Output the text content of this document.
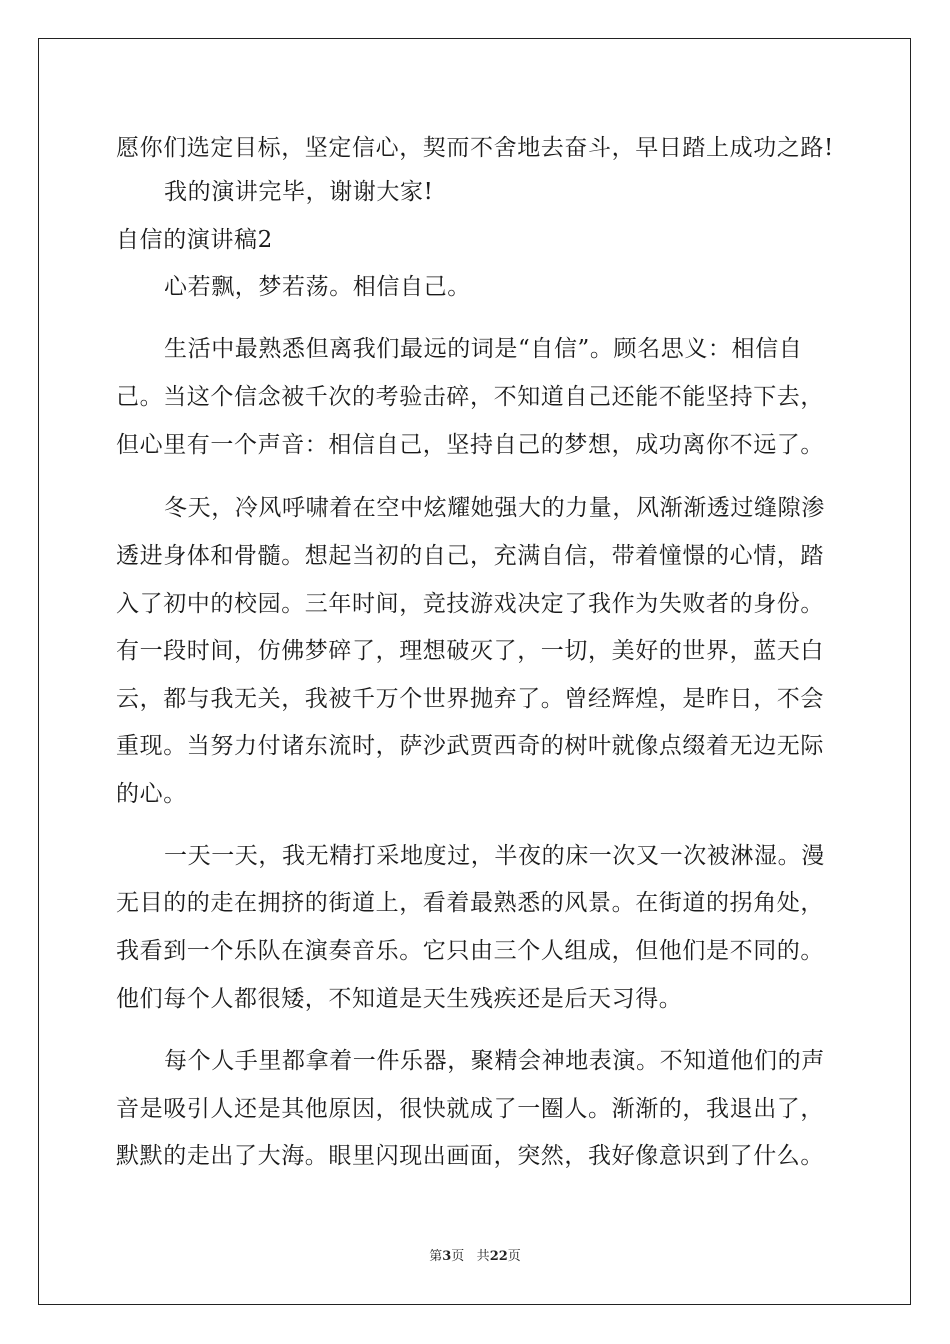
愿你们选定目标，坚定信心，契而不舍地去奋斗，早日踏上成功之路!
我的演讲完毕，谢谢大家!
自信的演讲稿2
心若飘，梦若荡。相信自己。
生活中最熟悉但离我们最远的词是“自信”。顾名思义：相信自
己。当这个信念被千次的考验击碎，不知道自己还能不能坚持下去，
但心里有一个声音：相信自己，坚持自己的梦想，成功离你不远了。
冬天，冷风呼啸着在空中炫耀她强大的力量，风渐渐透过缝隙渗
透进身体和骨髓。想起当初的自己，充满自信，带着憧憬的心情，踏
入了初中的校园。三年时间，竞技游戏决定了我作为失败者的身份。
有一段时间，仿佛梦碎了，理想破灭了，一切，美好的世界，蓝天白
云，都与我无关，我被千万个世界抛弃了。曾经辉煌，是昨日，不会
重现。当努力付诸东流时，萨沙武贾西奇的树叶就像点缀着无边无际
的心。
一天一天，我无精打采地度过，半夜的床一次又一次被淋湿。漫
无目的的走在拥挤的街道上，看着最熟悉的风景。在街道的拐角处，
我看到一个乐队在演奏音乐。它只由三个人组成，但他们是不同的。
他们每个人都很矮，不知道是天生残疾还是后天习得。
每个人手里都拿着一件乐器，聚精会神地表演。不知道他们的声
音是吸引人还是其他原因，很快就成了一圈人。渐渐的，我退出了，
默默的走出了大海。眼里闪现出画面，突然，我好像意识到了什么。
第3页 共22页
